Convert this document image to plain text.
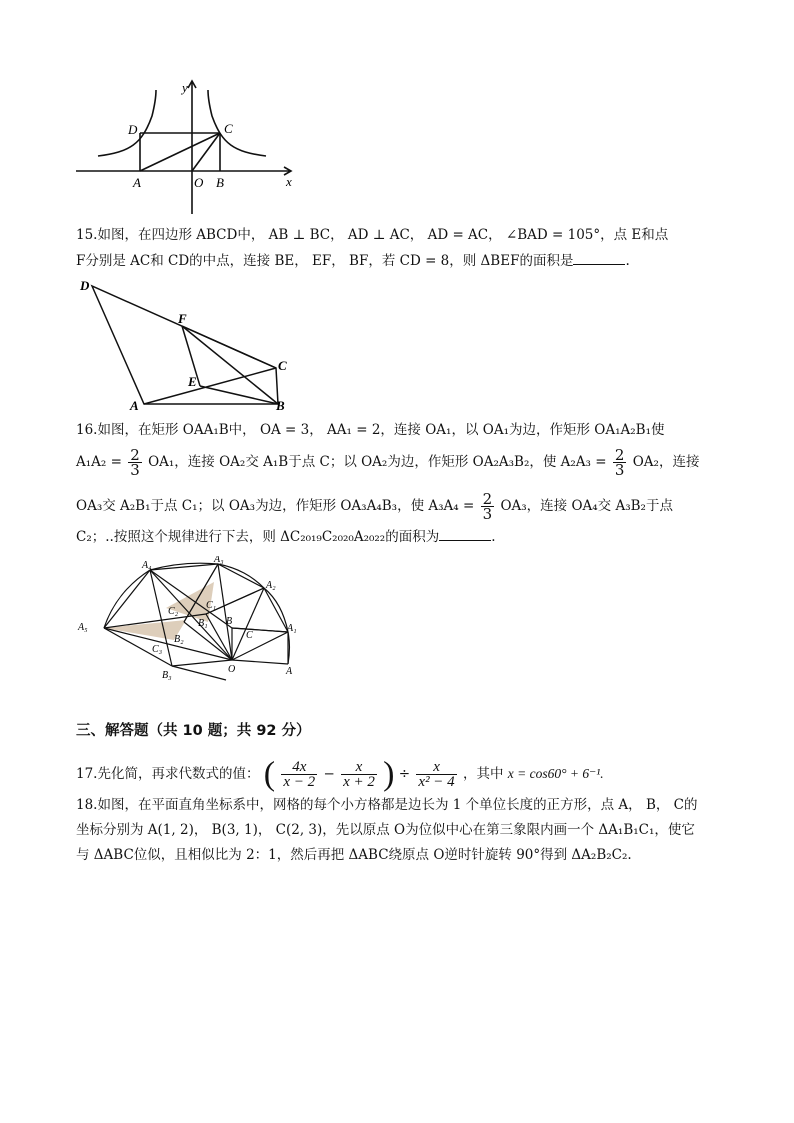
y
x
D	C
A	O B
15.如图，在四边形 ABCD中， AB ⊥ BC， AD ⊥ AC， AD = AC， ∠BAD = 105°，点 E和点
F分别是 AC和 CD的中点，连接 BE， EF， BF，若 CD = 8，则 ΔBEF的面积是	.
D
F
C
E
A	B
16.如图，在矩形 OAA₁B中， OA = 3， AA₁ = 2，连接 OA₁，以 OA₁为边，作矩形 OA₁A₂B₁使
$A_1A_2 = \frac{2}{3} OA_1$，连接 OA₂交 A₁B于点 C；以 OA₂为边，作矩形 OA₂A₃B₂，使 $A_2A_3 = \frac{2}{3} OA_2$，连接
OA₃交 A₂B₁于点 C₁；以 OA₃为边，作矩形 OA₃A₄B₃，使 $A_3A_4 = \frac{2}{3} OA_3$，连接 OA₄交 A₃B₂于点
C₂；..按照这个规律进行下去，则 ΔC₂₀₁₉C₂₀₂₀A₂₀₂₂的面积为	.
A₄
A₃
A₂
A₁
A₅
A
O
B
B₁
B₂
B₃
C
C₁
C₂
C₃
三、解答题（共 10 题；共 92 分）
17.先化简，再求代数式的值： ( $\frac{4x}{x - 2} - \frac{x}{x + 2}$ ) ÷ $\frac{x}{\text{x² − 4}}$ ，其中 x = cos60° + 6⁻¹.
18.如图，在平面直角坐标系中，网格的每个小方格都是边长为 1 个单位长度的正方形，点 A， B， C的
坐标分别为 A(1, 2)， B(3, 1)， C(2, 3)，先以原点 O为位似中心在第三象限内画一个 ΔA₁B₁C₁，使它
与 ΔABC位似，且相似比为 2：1，然后再把 ΔABC绕原点 O逆时针旋转 90°得到 ΔA₂B₂C₂.
